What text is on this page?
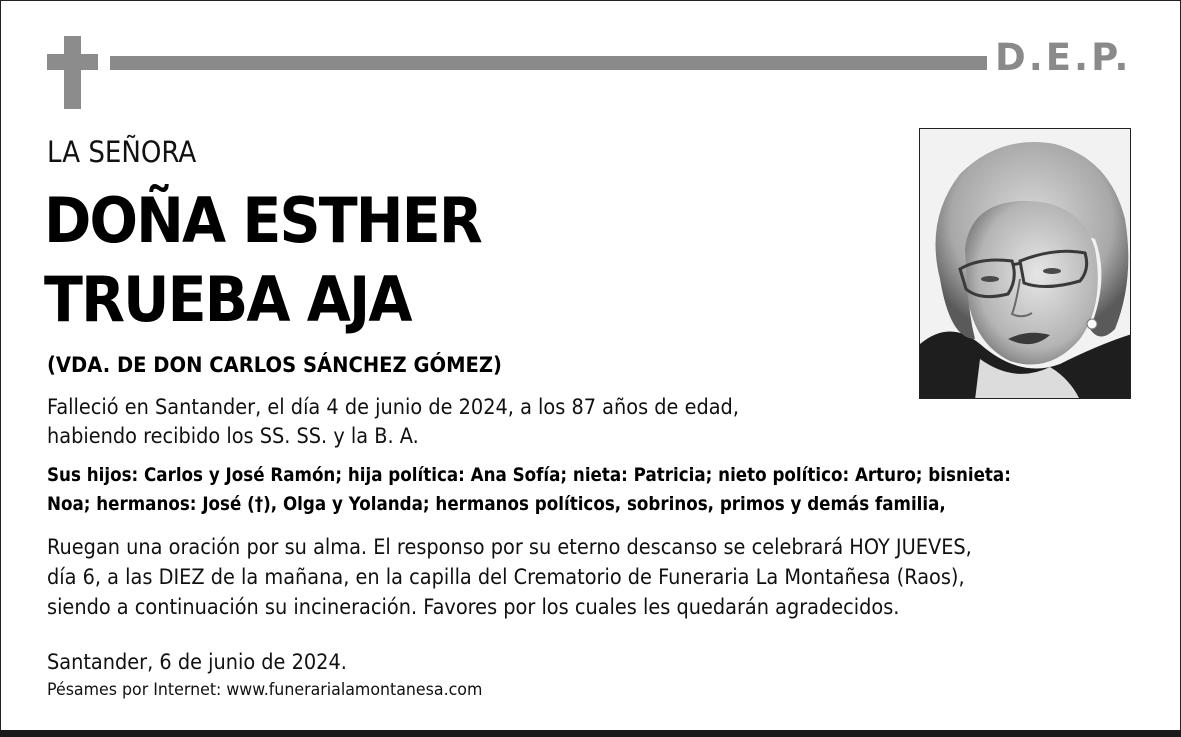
D.E.P.
LA SEÑORA
DOÑA ESTHER
TRUEBA AJA
(VDA. DE DON CARLOS SÁNCHEZ GÓMEZ)
Falleció en Santander, el día 4 de junio de 2024, a los 87 años de edad,
habiendo recibido los SS. SS. y la B. A.
Sus hijos: Carlos y José Ramón; hija política: Ana Sofía; nieta: Patricia; nieto político: Arturo; bisnieta:
Noa; hermanos: José (†), Olga y Yolanda; hermanos políticos, sobrinos, primos y demás familia,
Ruegan una oración por su alma. El responso por su eterno descanso se celebrará HOY JUEVES,
día 6, a las DIEZ de la mañana, en la capilla del Crematorio de Funeraria La Montañesa (Raos),
siendo a continuación su incineración. Favores por los cuales les quedarán agradecidos.
Santander, 6 de junio de 2024.
Pésames por Internet: www.funerarialamontanesa.com
